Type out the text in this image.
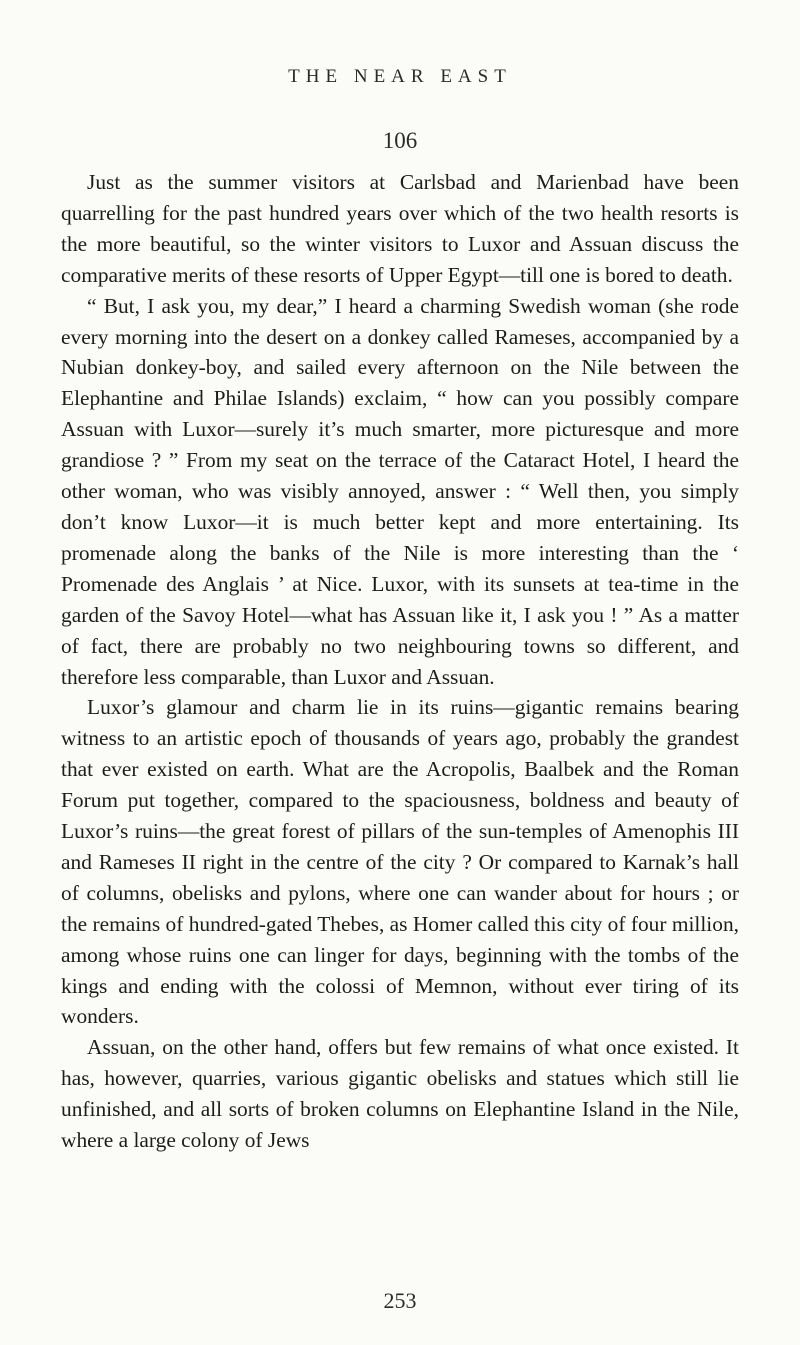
THE NEAR EAST
106

Just as the summer visitors at Carlsbad and Marienbad have been quarrelling for the past hundred years over which of the two health resorts is the more beautiful, so the winter visitors to Luxor and Assuan discuss the comparative merits of these resorts of Upper Egypt—till one is bored to death.

“ But, I ask you, my dear,” I heard a charming Swedish woman (she rode every morning into the desert on a donkey called Rameses, accompanied by a Nubian donkey-boy, and sailed every afternoon on the Nile between the Elephantine and Philae Islands) exclaim, “ how can you possibly compare Assuan with Luxor—surely it’s much smarter, more picturesque and more grandiose ? ” From my seat on the terrace of the Cataract Hotel, I heard the other woman, who was visibly annoyed, answer : “ Well then, you simply don’t know Luxor—it is much better kept and more entertaining. Its promenade along the banks of the Nile is more interesting than the ‘ Promenade des Anglais ’ at Nice. Luxor, with its sunsets at tea-time in the garden of the Savoy Hotel—what has Assuan like it, I ask you ! ” As a matter of fact, there are probably no two neighbouring towns so different, and therefore less comparable, than Luxor and Assuan.

Luxor’s glamour and charm lie in its ruins—gigantic remains bearing witness to an artistic epoch of thousands of years ago, probably the grandest that ever existed on earth. What are the Acropolis, Baalbek and the Roman Forum put together, compared to the spaciousness, boldness and beauty of Luxor’s ruins—the great forest of pillars of the sun-temples of Amenophis III and Rameses II right in the centre of the city ? Or compared to Karnak’s hall of columns, obelisks and pylons, where one can wander about for hours ; or the remains of hundred-gated Thebes, as Homer called this city of four million, among whose ruins one can linger for days, beginning with the tombs of the kings and ending with the colossi of Memnon, without ever tiring of its wonders.

Assuan, on the other hand, offers but few remains of what once existed. It has, however, quarries, various gigantic obelisks and statues which still lie unfinished, and all sorts of broken columns on Elephantine Island in the Nile, where a large colony of Jews

253
